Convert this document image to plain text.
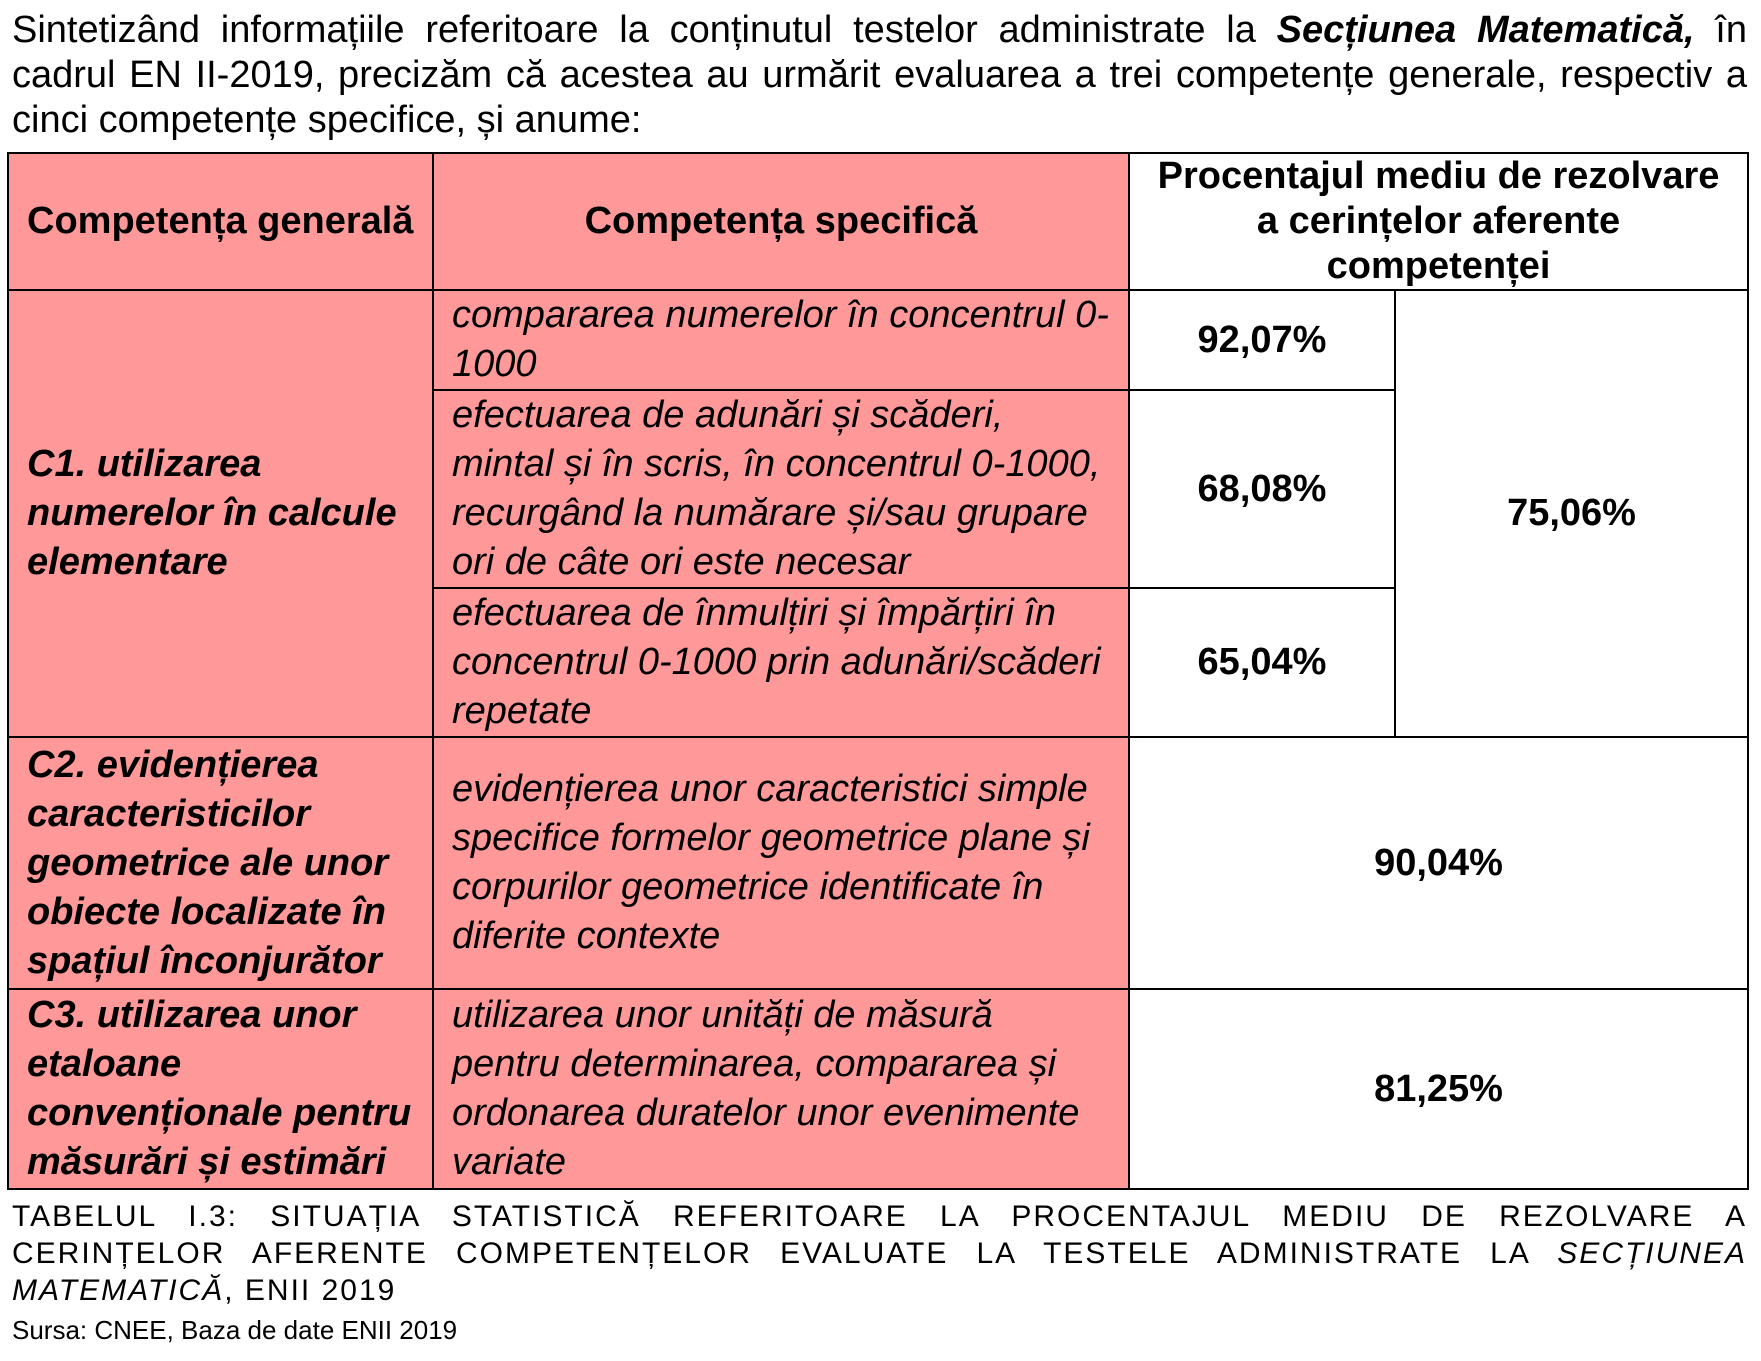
Sintetizând informațiile referitoare la conținutul testelor administrate la Secțiunea Matematică, în cadrul EN II-2019, precizăm că acestea au urmărit evaluarea a trei competențe generale, respectiv a cinci competențe specifice, și anume:

Competența generală	Competența specifică	Procentajul mediu de rezolvare a cerințelor aferente competenței	
C1. utilizarea numerelor în calcule elementare	compararea numerelor în concentrul 0-1000	92,07%	75,06%
	efectuarea de adunări și scăderi, mintal și în scris, în concentrul 0-1000, recurgând la numărare și/sau grupare ori de câte ori este necesar	68,08%	
	efectuarea de înmulțiri și împărțiri în concentrul 0-1000 prin adunări/scăderi repetate	65,04%	
C2. evidențierea caracteristicilor geometrice ale unor obiecte localizate în spațiul înconjurător	evidențierea unor caracteristici simple specifice formelor geometrice plane și corpurilor geometrice identificate în diferite contexte	90,04%	
C3. utilizarea unor etaloane convenționale pentru măsurări și estimări	utilizarea unor unități de măsură pentru determinarea, compararea și ordonarea duratelor unor evenimente variate	81,25%	

TABELUL I.3: SITUAȚIA STATISTICĂ REFERITOARE LA PROCENTAJUL MEDIU DE REZOLVARE A CERINȚELOR AFERENTE COMPETENȚELOR EVALUATE LA TESTELE ADMINISTRATE LA SECȚIUNEA MATEMATICĂ, ENII 2019

Sursa: CNEE, Baza de date ENII 2019
